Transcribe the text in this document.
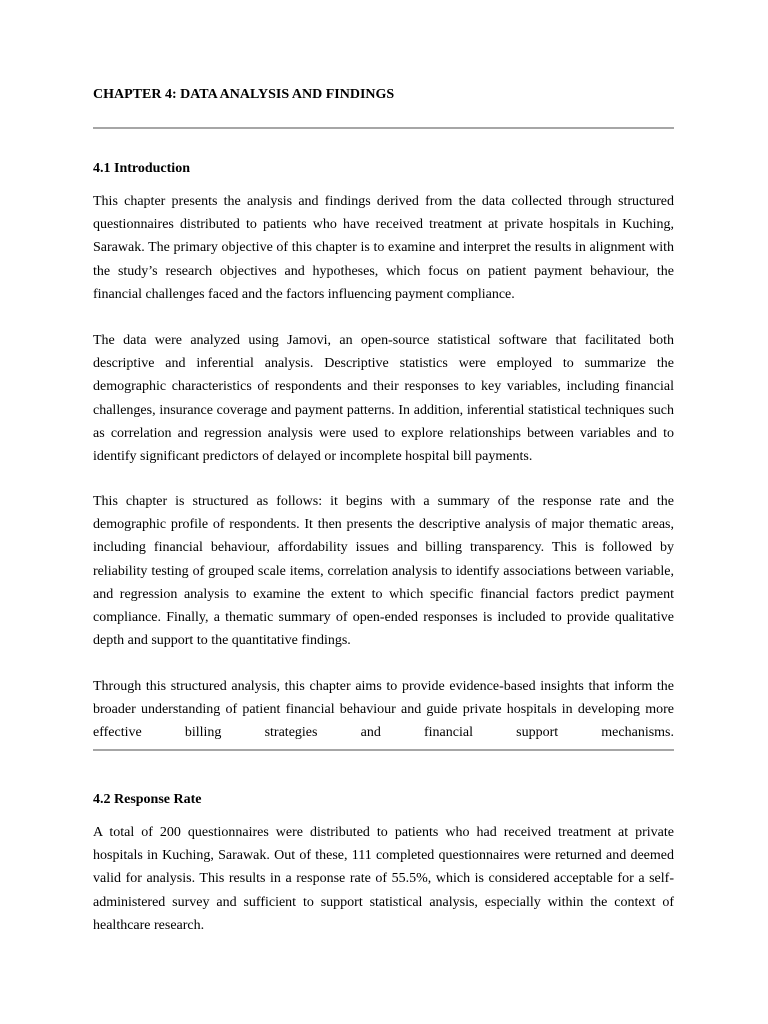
CHAPTER 4: DATA ANALYSIS AND FINDINGS
4.1 Introduction

This chapter presents the analysis and findings derived from the data collected through structured questionnaires distributed to patients who have received treatment at private hospitals in Kuching, Sarawak. The primary objective of this chapter is to examine and interpret the results in alignment with the study’s research objectives and hypotheses, which focus on patient payment behaviour, the financial challenges faced and the factors influencing payment compliance.

The data were analyzed using Jamovi, an open-source statistical software that facilitated both descriptive and inferential analysis. Descriptive statistics were employed to summarize the demographic characteristics of respondents and their responses to key variables, including financial challenges, insurance coverage and payment patterns. In addition, inferential statistical techniques such as correlation and regression analysis were used to explore relationships between variables and to identify significant predictors of delayed or incomplete hospital bill payments.

This chapter is structured as follows: it begins with a summary of the response rate and the demographic profile of respondents. It then presents the descriptive analysis of major thematic areas, including financial behaviour, affordability issues and billing transparency. This is followed by reliability testing of grouped scale items, correlation analysis to identify associations between variable, and regression analysis to examine the extent to which specific financial factors predict payment compliance. Finally, a thematic summary of open-ended responses is included to provide qualitative depth and support to the quantitative findings.

Through this structured analysis, this chapter aims to provide evidence-based insights that inform the broader understanding of patient financial behaviour and guide private hospitals in developing more effective billing strategies and financial support mechanisms.

4.2 Response Rate

A total of 200 questionnaires were distributed to patients who had received treatment at private hospitals in Kuching, Sarawak. Out of these, 111 completed questionnaires were returned and deemed valid for analysis. This results in a response rate of 55.5%, which is considered acceptable for a self-administered survey and sufficient to support statistical analysis, especially within the context of healthcare research.
